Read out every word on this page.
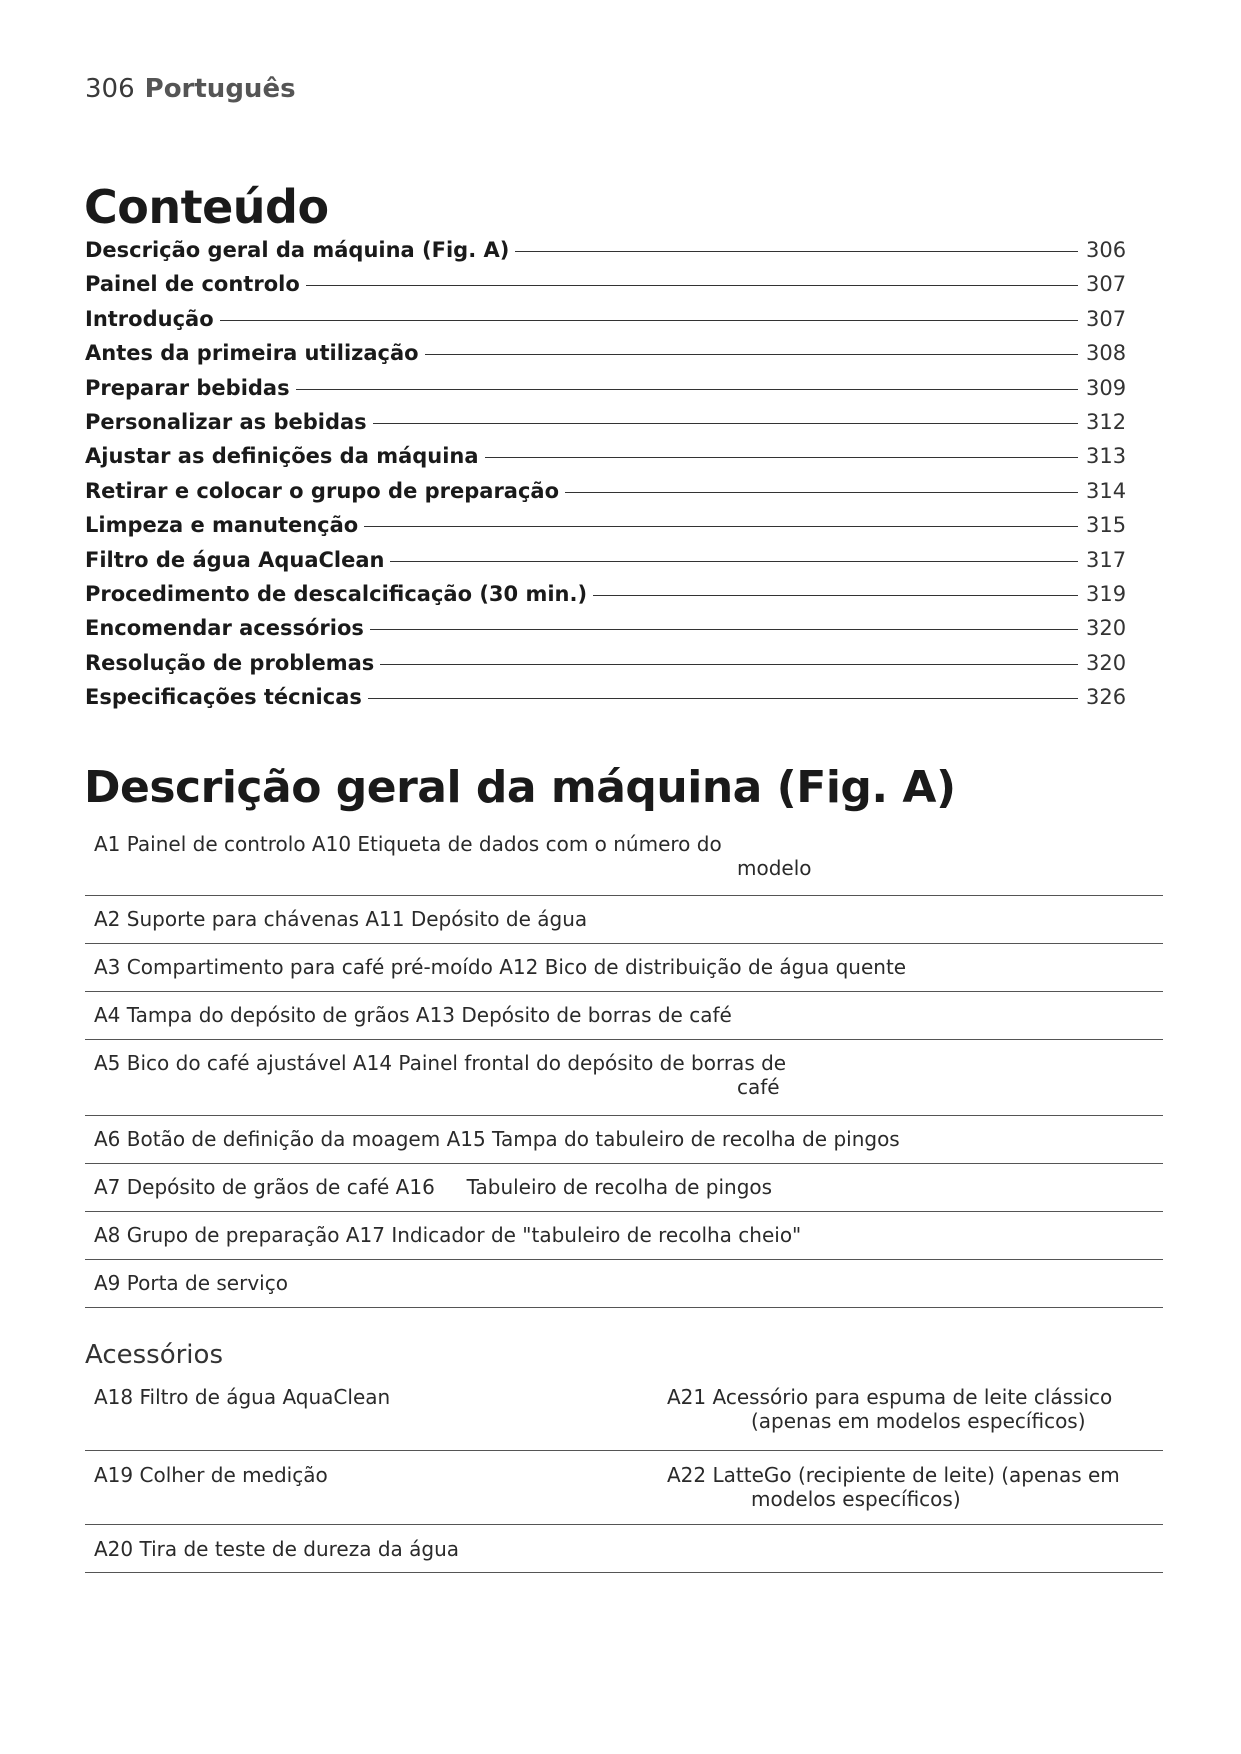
306 Português
Conteúdo
Descrição geral da máquina (Fig. A)	306
Painel de controlo	307
Introdução	307
Antes da primeira utilização	308
Preparar bebidas	309
Personalizar as bebidas	312
Ajustar as definições da máquina	313
Retirar e colocar o grupo de preparação	314
Limpeza e manutenção	315
Filtro de água AquaClean	317
Procedimento de descalcificação (30 min.)	319
Encomendar acessórios	320
Resolução de problemas	320
Especificações técnicas	326
Descrição geral da máquina (Fig. A)
A1 Painel de controlo A10 Etiqueta de dados com o número do
modelo
A2 Suporte para chávenas A11 Depósito de água
A3 Compartimento para café pré-moído A12 Bico de distribuição de água quente
A4 Tampa do depósito de grãos A13 Depósito de borras de café
A5 Bico do café ajustável A14 Painel frontal do depósito de borras de
café
A6 Botão de definição da moagem A15 Tampa do tabuleiro de recolha de pingos
A7 Depósito de grãos de café A16     Tabuleiro de recolha de pingos
A8 Grupo de preparação A17 Indicador de "tabuleiro de recolha cheio"
A9 Porta de serviço
Acessórios
A18 Filtro de água AquaClean	A21 Acessório para espuma de leite clássico
(apenas em modelos específicos)
A19 Colher de medição	A22 LatteGo (recipiente de leite) (apenas em
modelos específicos)
A20 Tira de teste de dureza da água
